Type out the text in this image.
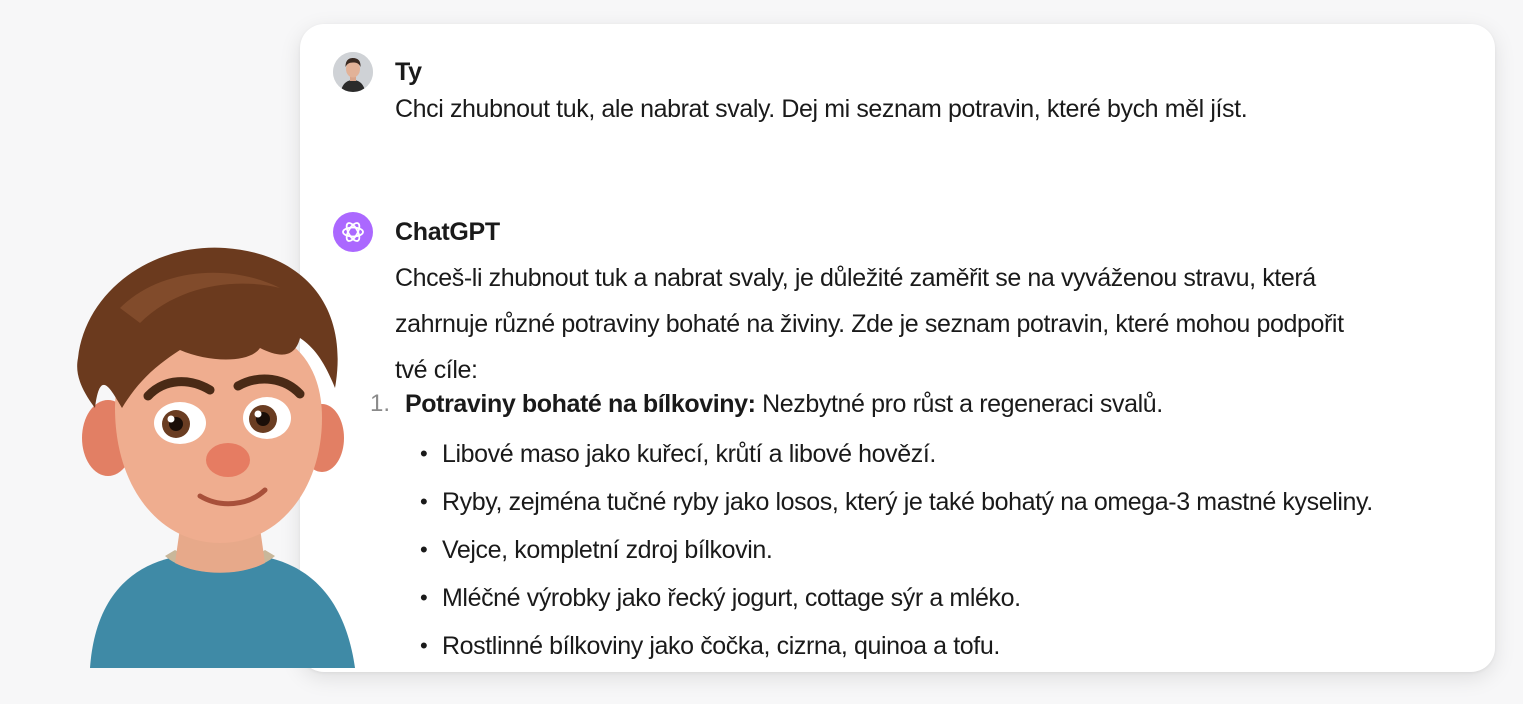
Ty
Chci zhubnout tuk, ale nabrat svaly. Dej mi seznam potravin, které bych měl jíst.
ChatGPT
Chceš-li zhubnout tuk a nabrat svaly, je důležité zaměřit se na vyváženou stravu, která
zahrnuje různé potraviny bohaté na živiny. Zde je seznam potravin, které mohou podpořit
tvé cíle:
1. Potraviny bohaté na bílkoviny: Nezbytné pro růst a regeneraci svalů.
• Libové maso jako kuřecí, krůtí a libové hovězí.
• Ryby, zejména tučné ryby jako losos, který je také bohatý na omega-3 mastné kyseliny.
• Vejce, kompletní zdroj bílkovin.
• Mléčné výrobky jako řecký jogurt, cottage sýr a mléko.
• Rostlinné bílkoviny jako čočka, cizrna, quinoa a tofu.
